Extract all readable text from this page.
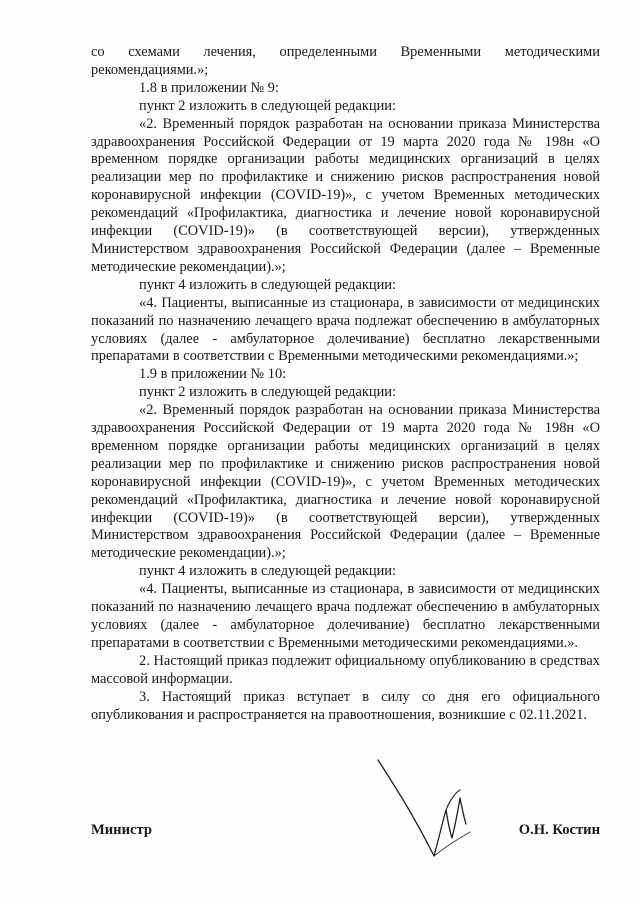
со схемами лечения, определенными Временными методическими рекомендациями.»;

1.8 в приложении № 9:

пункт 2 изложить в следующей редакции:

«2. Временный порядок разработан на основании приказа Министерства здравоохранения Российской Федерации от 19 марта 2020 года № 198н «О временном порядке организации работы медицинских организаций в целях реализации мер по профилактике и снижению рисков распространения новой коронавирусной инфекции (COVID-19)», с учетом Временных методических рекомендаций «Профилактика, диагностика и лечение новой коронавирусной инфекции (COVID-19)» (в соответствующей версии), утвержденных Министерством здравоохранения Российской Федерации (далее – Временные методические рекомендации).»;

пункт 4 изложить в следующей редакции:

«4. Пациенты, выписанные из стационара, в зависимости от медицинских показаний по назначению лечащего врача подлежат обеспечению в амбулаторных условиях (далее - амбулаторное долечивание) бесплатно лекарственными препаратами в соответствии с Временными методическими рекомендациями.»;

1.9 в приложении № 10:

пункт 2 изложить в следующей редакции:

«2. Временный порядок разработан на основании приказа Министерства здравоохранения Российской Федерации от 19 марта 2020 года № 198н «О временном порядке организации работы медицинских организаций в целях реализации мер по профилактике и снижению рисков распространения новой коронавирусной инфекции (COVID-19)», с учетом Временных методических рекомендаций «Профилактика, диагностика и лечение новой коронавирусной инфекции (COVID-19)» (в соответствующей версии), утвержденных Министерством здравоохранения Российской Федерации (далее – Временные методические рекомендации).»;

пункт 4 изложить в следующей редакции:

«4. Пациенты, выписанные из стационара, в зависимости от медицинских показаний по назначению лечащего врача подлежат обеспечению в амбулаторных условиях (далее - амбулаторное долечивание) бесплатно лекарственными препаратами в соответствии с Временными методическими рекомендациями.».

2. Настоящий приказ подлежит официальному опубликованию в средствах массовой информации.

3. Настоящий приказ вступает в силу со дня его официального опубликования и распространяется на правоотношения, возникшие с 02.11.2021.

Министр	О.Н. Костин
